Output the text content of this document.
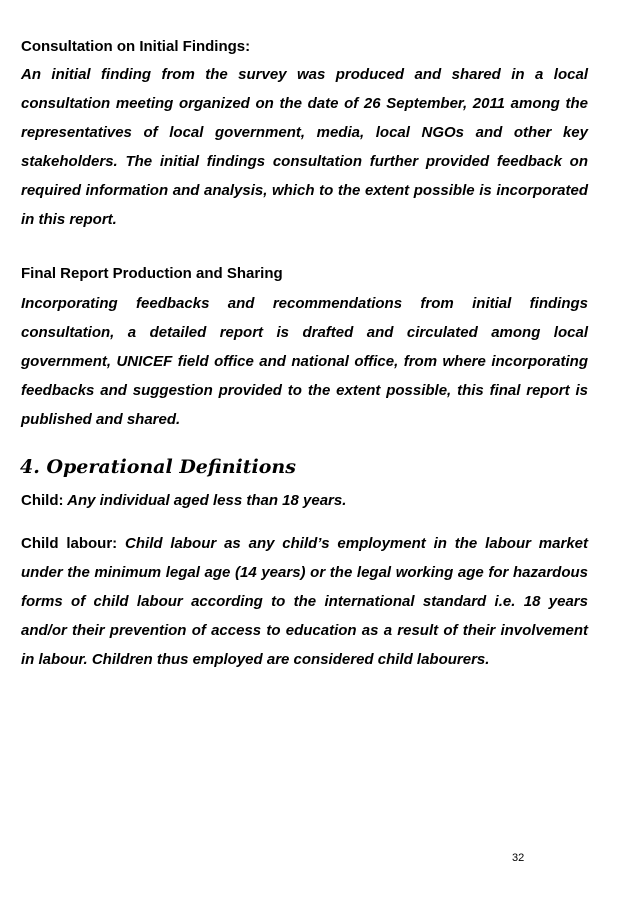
Consultation on Initial Findings:
An initial finding from the survey was produced and shared in a local consultation meeting organized on the date of 26 September, 2011 among the representatives of local government, media, local NGOs and other key stakeholders. The initial findings consultation further provided feedback on required information and analysis, which to the extent possible is incorporated in this report.
Final Report Production and Sharing
Incorporating feedbacks and recommendations from initial findings consultation, a detailed report is drafted and circulated among local government, UNICEF field office and national office, from where incorporating feedbacks and suggestion provided to the extent possible, this final report is published and shared.
4. Operational Definitions
Child: Any individual aged less than 18 years.
Child labour: Child labour as any child’s employment in the labour market under the minimum legal age (14 years) or the legal working age for hazardous forms of child labour according to the international standard i.e. 18 years and/or their prevention of access to education as a result of their involvement in labour. Children thus employed are considered child labourers.
32
